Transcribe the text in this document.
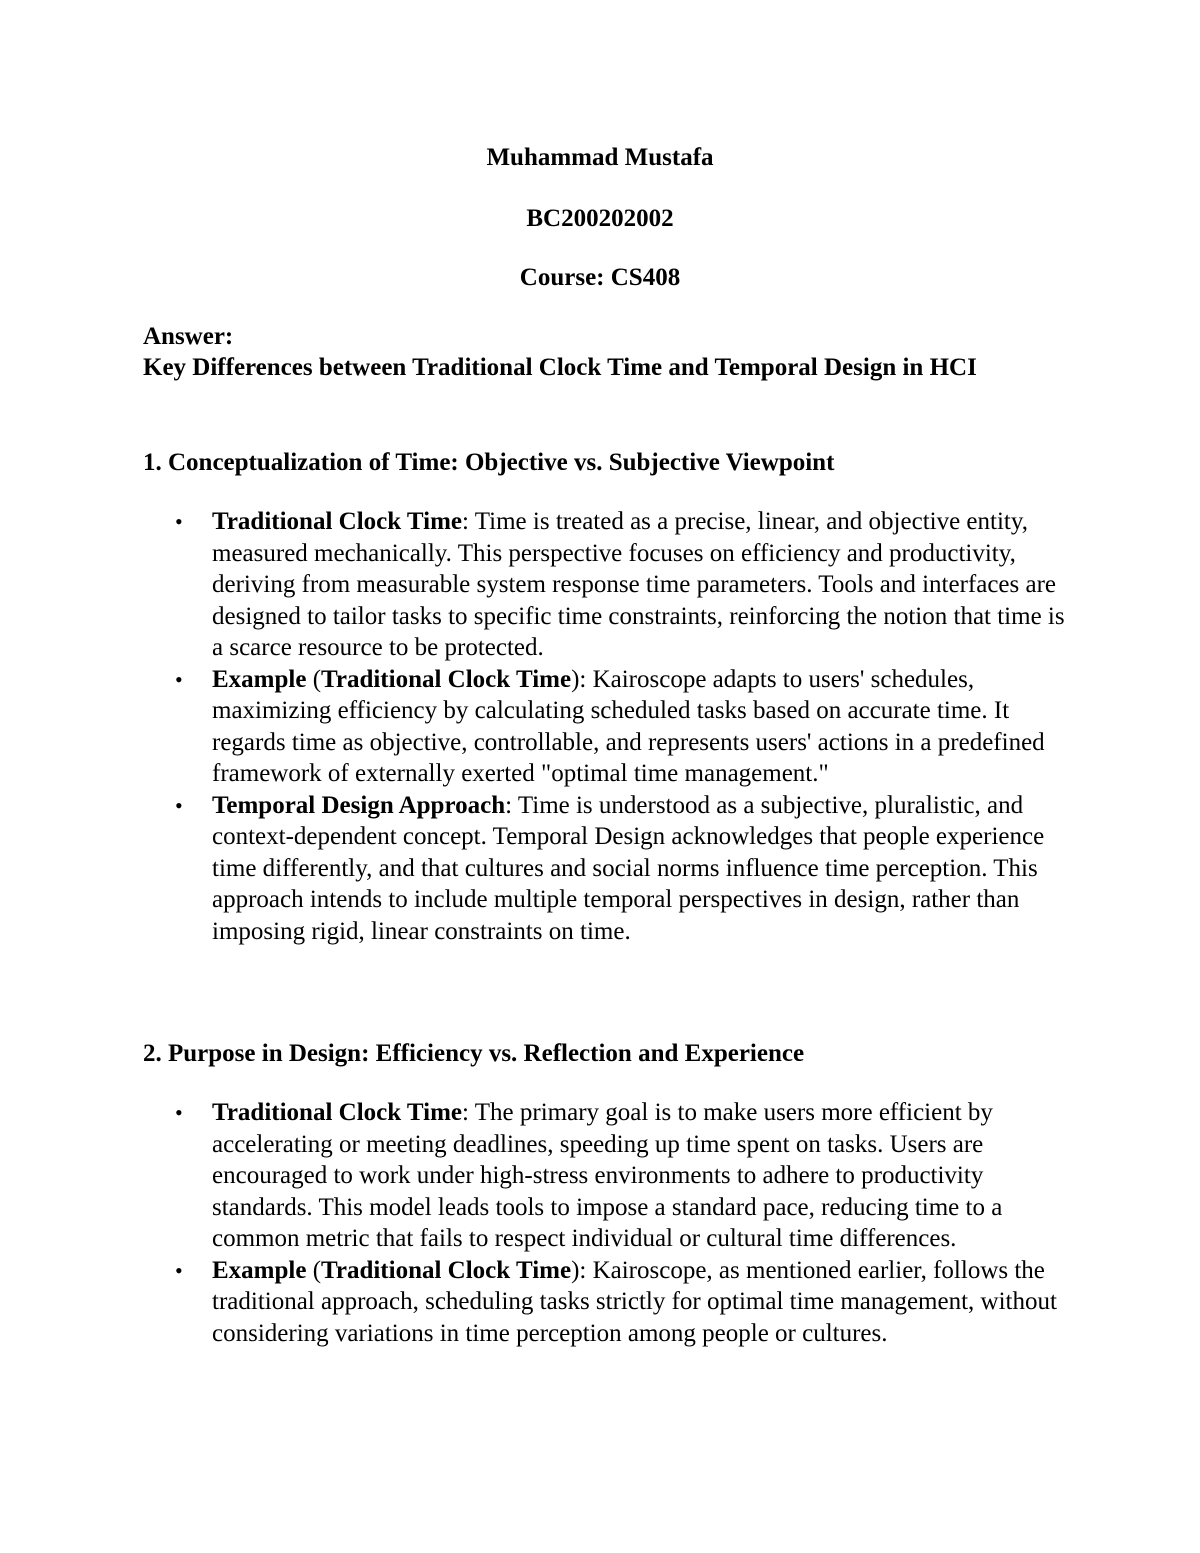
Muhammad Mustafa
BC200202002
Course: CS408
Answer:
Key Differences between Traditional Clock Time and Temporal Design in HCI
1. Conceptualization of Time: Objective vs. Subjective Viewpoint
• Traditional Clock Time: Time is treated as a precise, linear, and objective entity, measured mechanically. This perspective focuses on efficiency and productivity, deriving from measurable system response time parameters. Tools and interfaces are designed to tailor tasks to specific time constraints, reinforcing the notion that time is a scarce resource to be protected.
• Example (Traditional Clock Time): Kairoscope adapts to users' schedules, maximizing efficiency by calculating scheduled tasks based on accurate time. It regards time as objective, controllable, and represents users' actions in a predefined framework of externally exerted "optimal time management."
• Temporal Design Approach: Time is understood as a subjective, pluralistic, and context-dependent concept. Temporal Design acknowledges that people experience time differently, and that cultures and social norms influence time perception. This approach intends to include multiple temporal perspectives in design, rather than imposing rigid, linear constraints on time.
2. Purpose in Design: Efficiency vs. Reflection and Experience
• Traditional Clock Time: The primary goal is to make users more efficient by accelerating or meeting deadlines, speeding up time spent on tasks. Users are encouraged to work under high-stress environments to adhere to productivity standards. This model leads tools to impose a standard pace, reducing time to a common metric that fails to respect individual or cultural time differences.
• Example (Traditional Clock Time): Kairoscope, as mentioned earlier, follows the traditional approach, scheduling tasks strictly for optimal time management, without considering variations in time perception among people or cultures.
